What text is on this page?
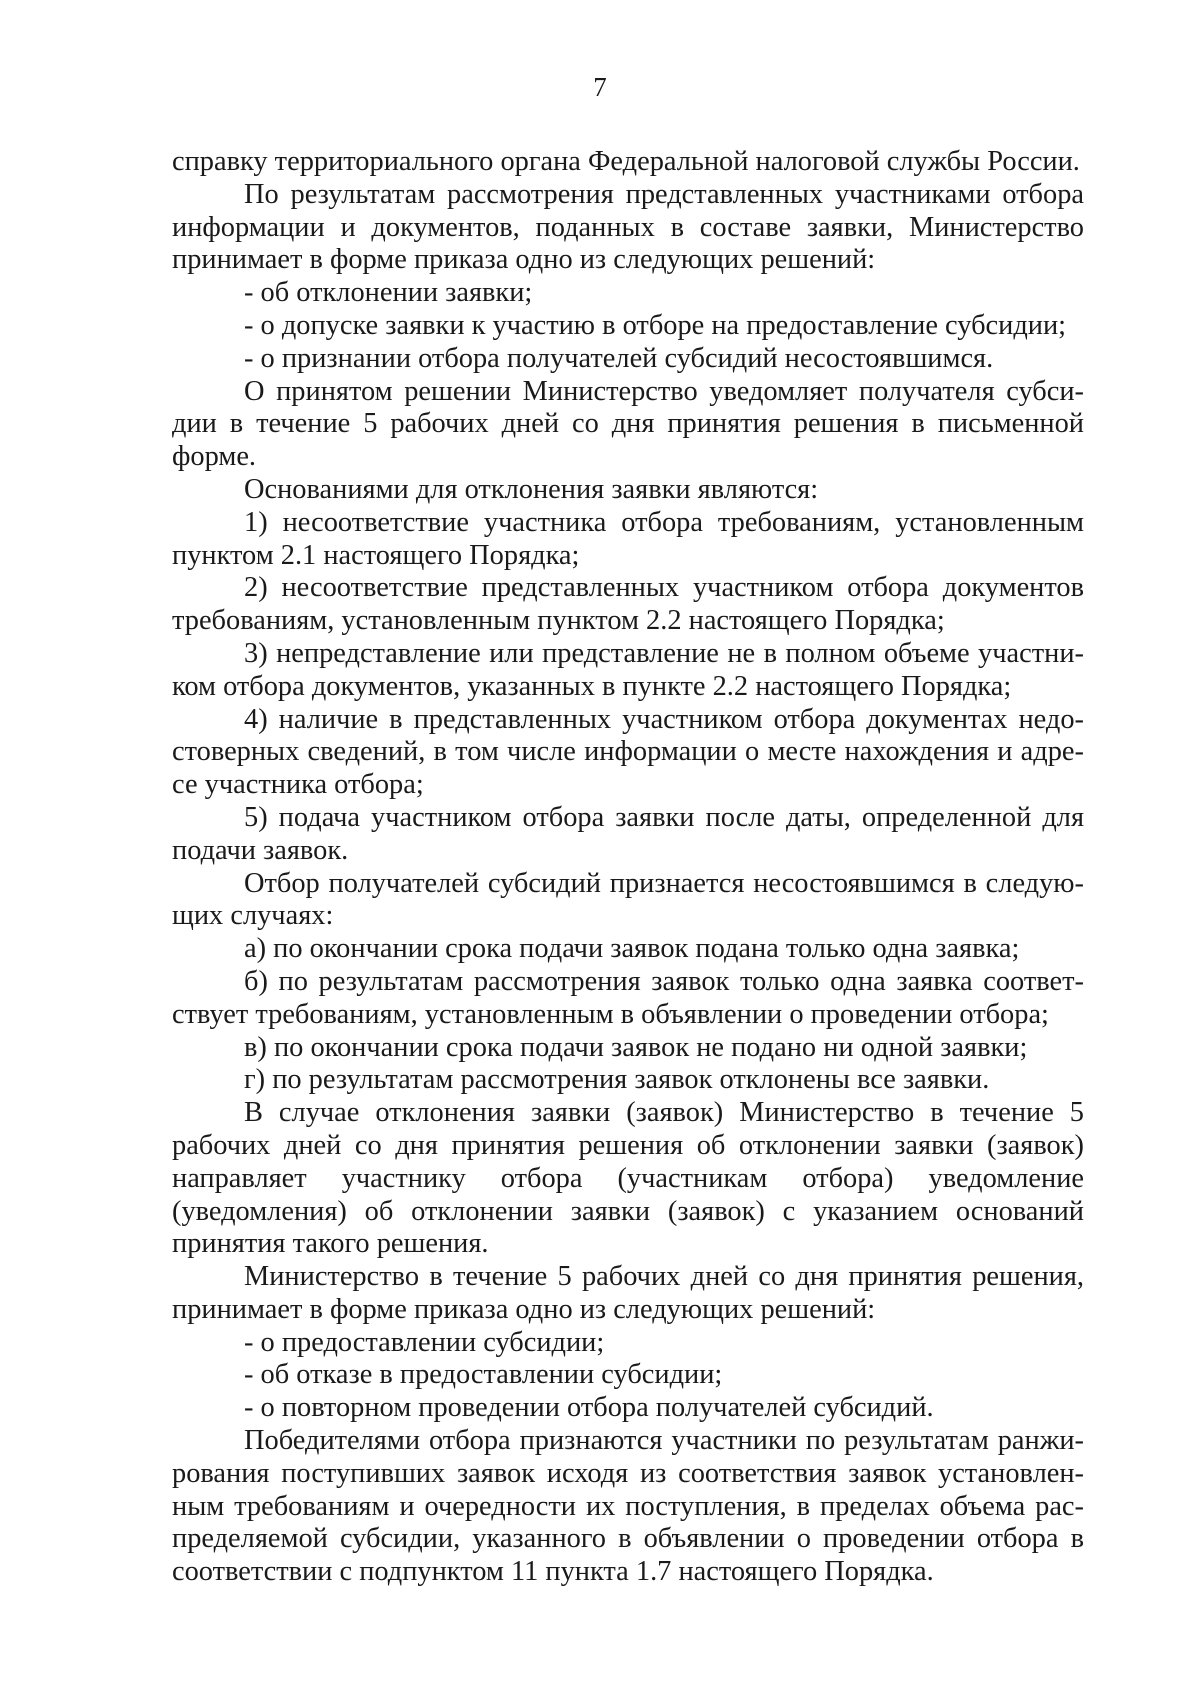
7

справку территориального органа Федеральной налоговой службы России.

По результатам рассмотрения представленных участниками отбора информации и документов, поданных в составе заявки, Министерство принимает в форме приказа одно из следующих решений:

- об отклонении заявки;

- о допуске заявки к участию в отборе на предоставление субсидии;

- о признании отбора получателей субсидий несостоявшимся.

О принятом решении Министерство уведомляет получателя субсидии в течение 5 рабочих дней со дня принятия решения в письменной форме.

Основаниями для отклонения заявки являются:

1) несоответствие участника отбора требованиям, установленным пунктом 2.1 настоящего Порядка;

2) несоответствие представленных участником отбора документов требованиям, установленным пунктом 2.2 настоящего Порядка;

3) непредставление или представление не в полном объеме участником отбора документов, указанных в пункте 2.2 настоящего Порядка;

4) наличие в представленных участником отбора документах недостоверных сведений, в том числе информации о месте нахождения и адресе участника отбора;

5) подача участником отбора заявки после даты, определенной для подачи заявок.

Отбор получателей субсидий признается несостоявшимся в следующих случаях:

а) по окончании срока подачи заявок подана только одна заявка;

б) по результатам рассмотрения заявок только одна заявка соответствует требованиям, установленным в объявлении о проведении отбора;

в) по окончании срока подачи заявок не подано ни одной заявки;

г) по результатам рассмотрения заявок отклонены все заявки.

В случае отклонения заявки (заявок) Министерство в течение 5 рабочих дней со дня принятия решения об отклонении заявки (заявок) направляет участнику отбора (участникам отбора) уведомление (уведомления) об отклонении заявки (заявок) с указанием оснований принятия такого решения.

Министерство в течение 5 рабочих дней со дня принятия решения, принимает в форме приказа одно из следующих решений:

- о предоставлении субсидии;

- об отказе в предоставлении субсидии;

- о повторном проведении отбора получателей субсидий.

Победителями отбора признаются участники по результатам ранжирования поступивших заявок исходя из соответствия заявок установленным требованиям и очередности их поступления, в пределах объема распределяемой субсидии, указанного в объявлении о проведении отбора в соответствии с подпунктом 11 пункта 1.7 настоящего Порядка.
